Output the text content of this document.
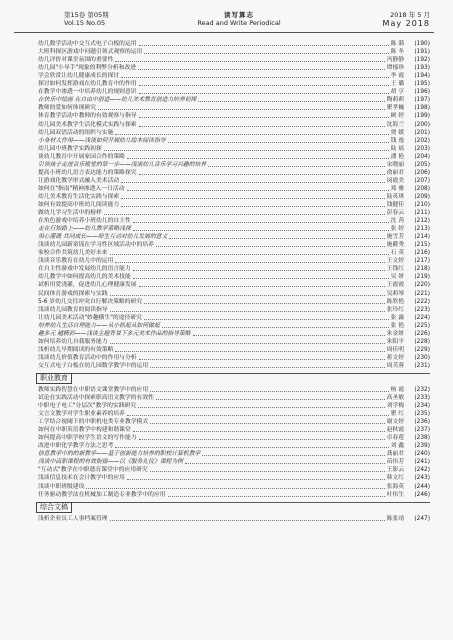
第15卷 第05期
Vol.15 No.05
读写算志
Read and Write Periodical
2018 年 5 月
May 2018
幼儿数学活动中交互式电子白板的运用	陈 漪	(190)
大班科探区游戏中问题引领式观察的运用	陈 冬	(191)
幼儿评价对课堂氛围的重要性	冯静静	(192)
幼儿园"小导手"现象的利弊分析和改进	谭郁珍	(193)
学会欣赏让幼儿健康成长的探讨	李 霞	(194)
探讨如何发挥游戏在幼儿教育中的作用	王 璐	(195)
在教学中渗透一中培养幼儿的规则意识	胡 亨	(196)
在快乐中绘画 在自由中创造——幼儿美术教育创造力培养初探	陶莉莉	(197)
教师的爱如何体现研究	瞿孝巍	(198)
体育教学活动中教师的有效观察与指导	顾 婷	(199)
幼儿园美术教学生活化模式实践与探索	沈海兰	(200)
幼儿园双语活动的组织与实施	贾 媛	(201)
小身材大作用——浅谈如何开展幼儿绘本阅读指导	钱 逸	(202)
幼儿园中班教学实践初探	陆 瑶	(203)
谈幼儿教育中开展家园合作的策略	潘 艳	(204)
引领孩子走进音乐殿堂的第一步——浅谈幼儿音乐学习兴趣的培养	宋晓丽	(205)
提高小班幼儿语言表达能力的策略探究	俞丽君	(206)
让游戏化教学形式融入美术活动	闵霞美	(207)
如何在"指南"精神渗透入一日活动	郑 雅	(208)
幼儿美术教育生活化实践与探索	陆英琪	(209)
如何有效提高中班幼儿阅读能力	钱健佳	(210)
做幼儿学习生活中的榜样	彭春云	(211)
在角色游戏中培养小班幼儿的自主性	沈 芮	(212)
走在行知路上——幼儿教学策略浅探	张 婷	(213)
用心灌溉 共同成长——师生互动对幼儿发展的意义	施雪芳	(214)
浅谈幼儿园新童谣在学习性区域活动中的培养	施爵秀	(215)
家校合作共筑幼儿美好未来	石 英	(216)
浅谈音乐教育在幼儿中的运用	王文婷	(217)
在自主性游戏中发展幼儿的语言能力	王钱红	(218)
幼儿教学中如何提高幼儿的美术技能	吴 妍	(219)
试析用爱浇灌，促进幼儿心理健康发展	王霞霞	(220)
民间体育游戏的探索与实践	吴莉琴	(221)
5-6 岁幼儿交往冲突自行解决策略的研究	陈欣艳	(222)
浅谈幼儿园教育的阅读指导	张玲红	(223)
让幼儿园美术活动"妙趣横生"的途径研究	张 露	(224)
培养幼儿生活自理能力——从小抓起从如何做起	张 艳	(225)
趣多元 越精彩——浅谈主题背景下多元美术作品的指导策略	朱金妍	(226)
如何培养幼儿自我服务能力	朱阳平	(228)
浅析幼儿早期阅读的有效策略	周佳明	(229)
浅谈幼儿价值教育活动中的作用与分析	蒋文婷	(230)
交互式电子白板在幼儿园数学教学中的运用	周芙蓉	(231)
职业教育
教师实践智慧在中职语文课堂教学中的应用	杨 霞	(232)
试论在实践活动中探索职高语文教学的有效性	高圣敏	(233)
中职电子电工"分层次"教学的实践研究	刘学梅	(234)
文言文教学对学生职业素养的培养	瞿 红	(235)
工学结合视阈下的中职机电类专业教学模式	谢文婷	(236)
如何在中职英语教学中构建和谐课堂	赵秋霞	(237)
如何提高中职学校学生语文的写作能力	卓春莲	(238)
改进中职化学教学方法之思考	刘 鑫	(239)
信息教学中的的新教学——基于创新能力培养的职校计算机教学	龚丽君	(240)
浅谈中高职课程的有效衔接——以《服务礼仪》课程为例	苗伟芳	(241)
"互动式"教学在中职德育课堂中的应用研究	王影云	(242)
浅谈信息技术在会计教学中的应用	韩文红	(243)
浅谈中职班级建设	张海英	(244)
任务驱动教学法在机械加工制造专业教学中的应用	叶伟生	(246)
综合文稿
浅析企业员工人事档案管理	陈张靖	(247)
